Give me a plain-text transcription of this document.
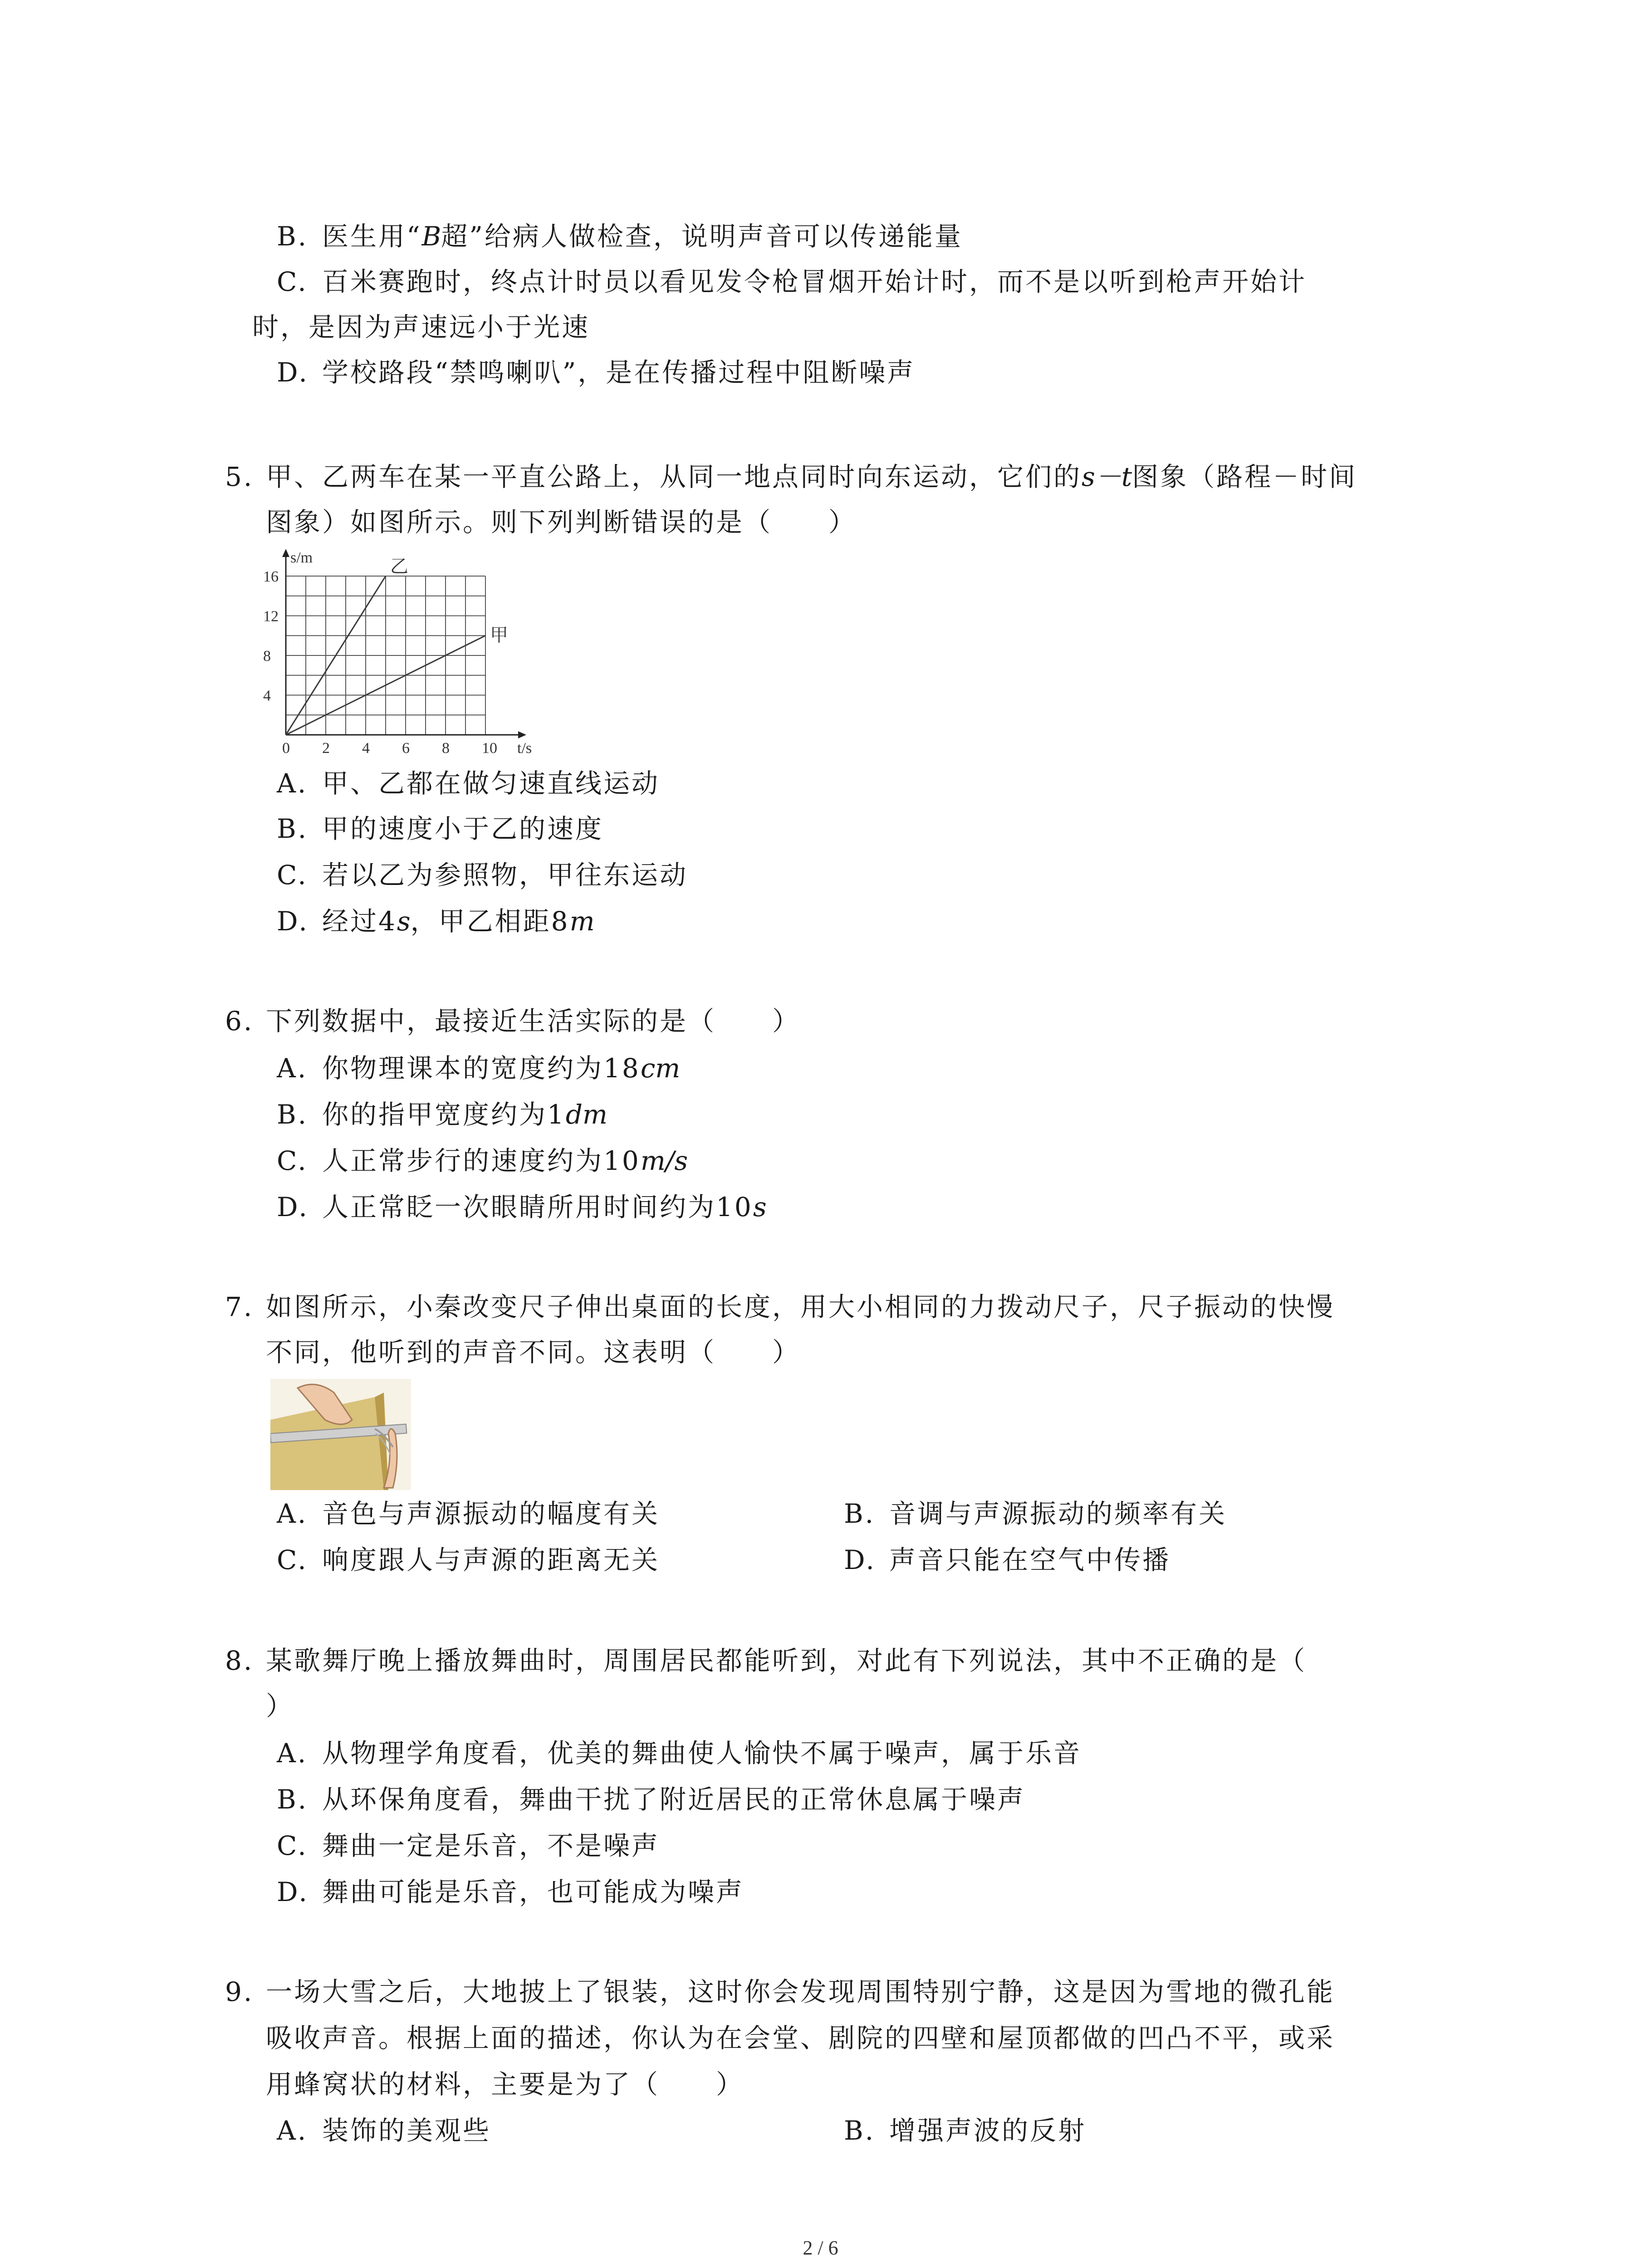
B. 医生用“B超”给病人做检查，说明声音可以传递能量
C. 百米赛跑时，终点计时员以看见发令枪冒烟开始计时，而不是以听到枪声开始计
时，是因为声速远小于光速
D. 学校路段“禁鸣喇叭”，是在传播过程中阻断噪声
5. 甲、乙两车在某一平直公路上，从同一地点同时向东运动，它们的s－t图象（路程－时间
图象）如图所示。则下列判断错误的是（　　）
乙
甲
0 2 4 6 8 10
4
8
12
16
t/s
s/m
A. 甲、乙都在做匀速直线运动
B. 甲的速度小于乙的速度
C. 若以乙为参照物，甲往东运动
D. 经过4s，甲乙相距8m
6. 下列数据中，最接近生活实际的是（　　）
A. 你物理课本的宽度约为18cm
B. 你的指甲宽度约为1dm
C. 人正常步行的速度约为10m/s
D. 人正常眨一次眼睛所用时间约为10s
7. 如图所示，小秦改变尺子伸出桌面的长度，用大小相同的力拨动尺子，尺子振动的快慢
不同，他听到的声音不同。这表明（　　）
A. 音色与声源振动的幅度有关	B. 音调与声源振动的频率有关
C. 响度跟人与声源的距离无关	D. 声音只能在空气中传播
8. 某歌舞厅晚上播放舞曲时，周围居民都能听到，对此有下列说法，其中不正确的是（
）
A. 从物理学角度看，优美的舞曲使人愉快不属于噪声，属于乐音
B. 从环保角度看，舞曲干扰了附近居民的正常休息属于噪声
C. 舞曲一定是乐音，不是噪声
D. 舞曲可能是乐音，也可能成为噪声
9. 一场大雪之后，大地披上了银装，这时你会发现周围特别宁静，这是因为雪地的微孔能
吸收声音。根据上面的描述，你认为在会堂、剧院的四壁和屋顶都做的凹凸不平，或采
用蜂窝状的材料，主要是为了（　　）
A. 装饰的美观些	B. 增强声波的反射
2 / 6
